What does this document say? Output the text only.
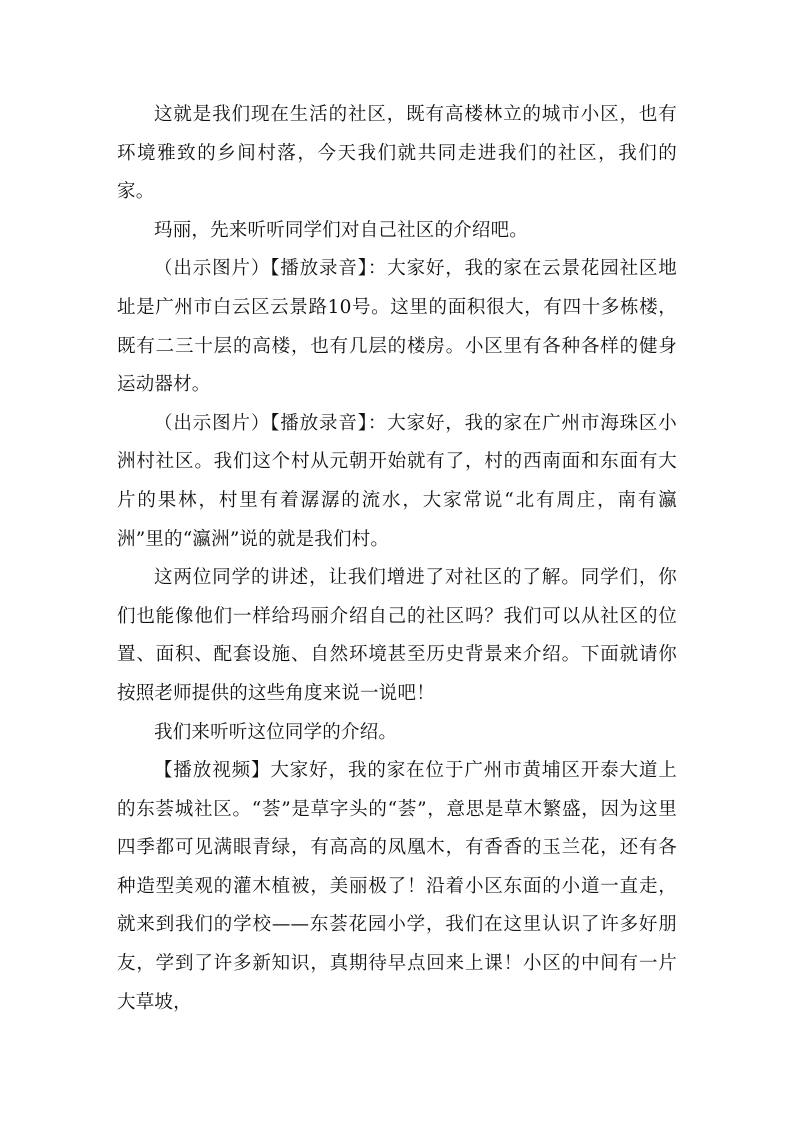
这就是我们现在生活的社区，既有高楼林立的城市小区，也有环境雅致的乡间村落，今天我们就共同走进我们的社区，我们的家。

玛丽，先来听听同学们对自己社区的介绍吧。

（出示图片）【播放录音】：大家好，我的家在云景花园社区地址是广州市白云区云景路10号。这里的面积很大，有四十多栋楼，既有二三十层的高楼，也有几层的楼房。小区里有各种各样的健身运动器材。

（出示图片）【播放录音】：大家好，我的家在广州市海珠区小洲村社区。我们这个村从元朝开始就有了，村的西南面和东面有大片的果林，村里有着潺潺的流水，大家常说“北有周庄，南有瀛洲”里的“瀛洲”说的就是我们村。

这两位同学的讲述，让我们增进了对社区的了解。同学们，你们也能像他们一样给玛丽介绍自己的社区吗？我们可以从社区的位置、面积、配套设施、自然环境甚至历史背景来介绍。下面就请你按照老师提供的这些角度来说一说吧！

我们来听听这位同学的介绍。

【播放视频】大家好，我的家在位于广州市黄埔区开泰大道上的东荟城社区。“荟”是草字头的“荟”，意思是草木繁盛，因为这里四季都可见满眼青绿，有高高的凤凰木，有香香的玉兰花，还有各种造型美观的灌木植被，美丽极了！沿着小区东面的小道一直走，就来到我们的学校——东荟花园小学，我们在这里认识了许多好朋友，学到了许多新知识，真期待早点回来上课！小区的中间有一片大草坡，
